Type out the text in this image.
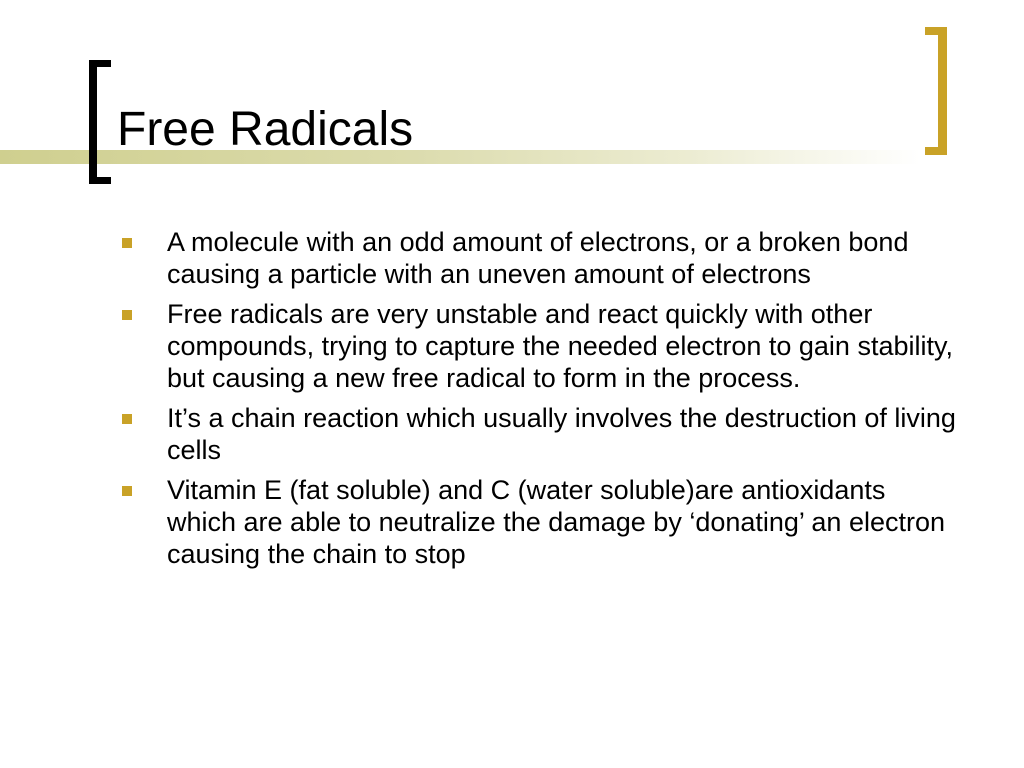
Free Radicals
A molecule with an odd amount of electrons, or a broken bond causing a particle with an uneven amount of electrons
Free radicals are very unstable and react quickly with other compounds, trying to capture the needed electron to gain stability, but causing a new free radical to form in the process.
It’s a chain reaction which usually involves the destruction of living cells
Vitamin E (fat soluble) and C (water soluble)are antioxidants which are able to neutralize the damage by ‘donating’ an electron causing the chain to stop
